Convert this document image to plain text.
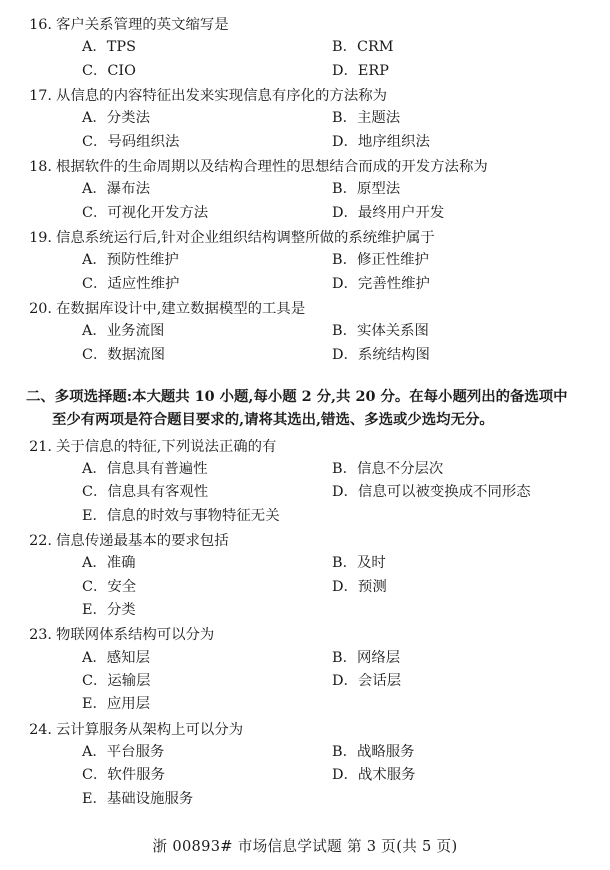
16. 客户关系管理的英文缩写是
A．TPS	B．CRM
C．CIO	D．ERP
17. 从信息的内容特征出发来实现信息有序化的方法称为
A．分类法	B．主题法
C．号码组织法	D．地序组织法
18. 根据软件的生命周期以及结构合理性的思想结合而成的开发方法称为
A．瀑布法	B．原型法
C．可视化开发方法	D．最终用户开发
19. 信息系统运行后,针对企业组织结构调整所做的系统维护属于
A．预防性维护	B．修正性维护
C．适应性维护	D．完善性维护
20. 在数据库设计中,建立数据模型的工具是
A．业务流图	B．实体关系图
C．数据流图	D．系统结构图
二、多项选择题:本大题共 10 小题,每小题 2 分,共 20 分。在每小题列出的备选项中
至少有两项是符合题目要求的,请将其选出,错选、多选或少选均无分。
21. 关于信息的特征,下列说法正确的有
A．信息具有普遍性	B．信息不分层次
C．信息具有客观性	D．信息可以被变换成不同形态
E．信息的时效与事物特征无关
22. 信息传递最基本的要求包括
A．准确	B．及时
C．安全	D．预测
E．分类
23. 物联网体系结构可以分为
A．感知层	B．网络层
C．运输层	D．会话层
E．应用层
24. 云计算服务从架构上可以分为
A．平台服务	B．战略服务
C．软件服务	D．战术服务
E．基础设施服务
浙 00893# 市场信息学试题 第 3 页(共 5 页)
